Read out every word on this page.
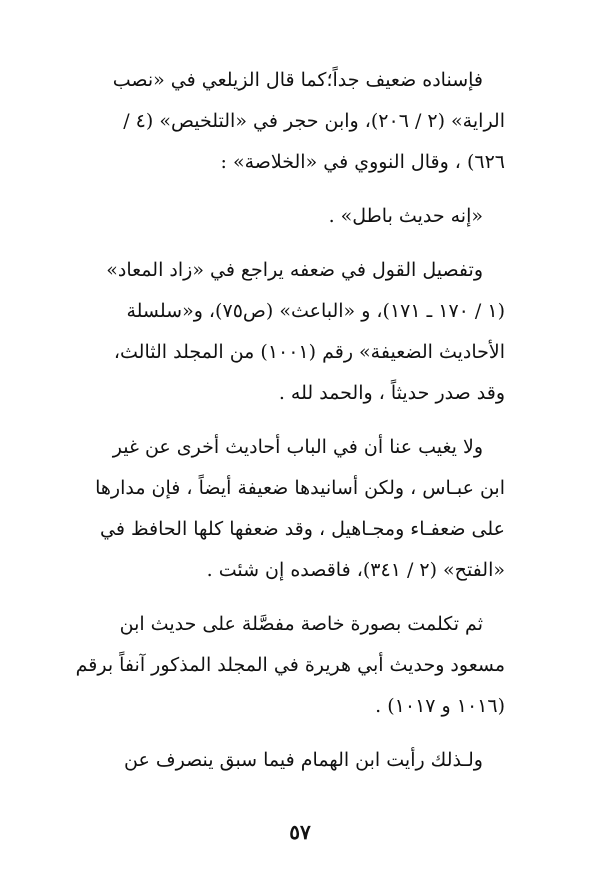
فإسناده ضعيف جداً؛كما قال الزيلعي في «نصب
الراية» (٢ / ٢٠٦)، وابن حجر في «التلخيص» (٤ /
٦٢٦) ، وقال النووي في «الخلاصة» :

«إنه حديث باطل» .

وتفصيل القول في ضعفه يراجع في «زاد المعاد»
(١ / ١٧٠ ـ ١٧١)، و «الباعث» (ص٧٥)، و«سلسلة
الأحاديث الضعيفة» رقم (١٠٠١) من المجلد الثالث،
وقد صدر حديثاً ، والحمد لله .

ولا يغيب عنا أن في الباب أحاديث أخرى عن غير
ابن عبـاس ، ولكن أسانيدها ضعيفة أيضاً ، فإن مدارها
على ضعفـاء ومجـاهيل ، وقد ضعفها كلها الحافظ في
«الفتح» (٢ / ٣٤١)، فاقصده إن شئت .

ثم تكلمت بصورة خاصة مفصَّلة على حديث ابن
مسعود وحديث أبي هريرة في المجلد المذكور آنفاً برقم
(١٠١٦ و ١٠١٧) .

ولـذلك رأيت ابن الهمام فيما سبق ينصرف عن

٥٧
